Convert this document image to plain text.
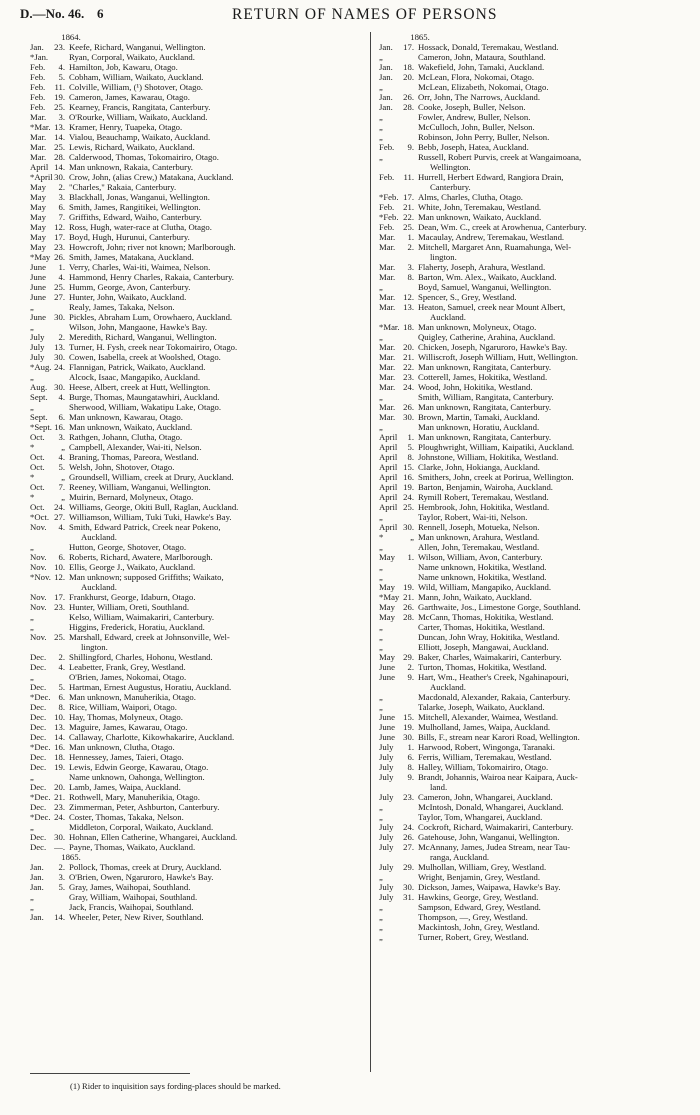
D.—No. 46. 6	RETURN OF NAMES OF PERSONS
1864.
Jan.	23. Keefe, Richard, Wanganui, Wellington.
*Jan.	Ryan, Corporal, Waikato, Auckland.
Feb.	4. Hamilton, Job, Kawaru, Otago.
Feb.	5. Cobham, William, Waikato, Auckland.
Feb.	11. Colville, William, (¹) Shotover, Otago.
Feb.	19. Cameron, James, Kawarau, Otago.
Feb.	25. Kearney, Francis, Rangitata, Canterbury.
Mar.	3. O'Rourke, William, Waikato, Auckland.
*Mar. 13. Kramer, Henry, Tuapeka, Otago.
Mar. 14. Vialou, Beauchamp, Waikato, Auckland.
Mar. 25. Lewis, Richard, Waikato, Auckland.
Mar. 28. Calderwood, Thomas, Tokomairiro, Otago.
April 14. Man unknown, Rakaia, Canterbury.
*April 30. Crow, John, (alias Crew,) Matakana, Auckland.
May	2. "Charles," Rakaia, Canterbury.
May	3. Blackhall, Jonas, Wanganui, Wellington.
May	6. Smith, James, Rangitikei, Wellington.
May	7. Griffiths, Edward, Waiho, Canterbury.
May 12. Ross, Hugh, water-race at Clutha, Otago.
May 17. Boyd, Hugh, Hurunui, Canterbury.
May 23. Howcroft, John; river not known; Marlborough.
*May 26. Smith, James, Matakana, Auckland.
June	1. Verry, Charles, Wai-iti, Waimea, Nelson.
June	4. Hammond, Henry Charles, Rakaia, Canterbury.
June 25. Humm, George, Avon, Canterbury.
June 27. Hunter, John, Waikato, Auckland.
„	Realy, James, Takaka, Nelson.
June 30. Pickles, Abraham Lum, Orowhaero, Auckland.
„	Wilson, John, Mangaone, Hawke's Bay.
July	2. Meredith, Richard, Wanganui, Wellington.
July	13. Turner, H. Fysh, creek near Tokomairiro, Otago.
July	30. Cowen, Isabella, creek at Woolshed, Otago.
*Aug. 24. Flannigan, Patrick, Waikato, Auckland.
„	Alcock, Isaac, Mangapiko, Auckland.
Aug. 30. Heese, Albert, creek at Hutt, Wellington.
Sept.	4. Burge, Thomas, Maungatawhiri, Auckland.
„	Sherwood, William, Wakatipu Lake, Otago.
Sept.	6. Man unknown, Kawarau, Otago.
*Sept. 16. Man unknown, Waikato, Auckland.
Oct.	3. Rathgen, Johann, Clutha, Otago.
*	„ Campbell, Alexander, Wai-iti, Nelson.
Oct.	4. Braning, Thomas, Pareora, Westland.
Oct.	5. Welsh, John, Shotover, Otago.
*	„ Groundsell, William, creek at Drury, Auckland.
Oct.	7. Reeney, William, Wanganui, Wellington.
*	„ Muirin, Bernard, Molyneux, Otago.
Oct.	24. Williams, George, Okiti Bull, Raglan, Auckland.
*Oct. 27. Williamson, William, Tuki Tuki, Hawke's Bay.
Nov.	4. Smith, Edward Patrick, Creek near Pokeno,
Auckland.
„	Hutton, George, Shotover, Otago.
Nov.	6. Roberts, Richard, Awatere, Marlborough.
Nov. 10. Ellis, George J., Waikato, Auckland.
*Nov. 12. Man unknown; supposed Griffiths; Waikato,
Auckland.
Nov. 17. Frankhurst, George, Idaburn, Otago.
Nov. 23. Hunter, William, Oreti, Southland.
„	Kelso, William, Waimakariri, Canterbury.
„	Higgins, Frederick, Horatiu, Auckland.
Nov. 25. Marshall, Edward, creek at Johnsonville, Wel-
lington.
Dec.	2. Shillingford, Charles, Hohonu, Westland.
Dec.	4. Leabetter, Frank, Grey, Westland.
„	O'Brien, James, Nokomai, Otago.
Dec.	5. Hartman, Ernest Augustus, Horatiu, Auckland.
*Dec. 6. Man unknown, Manuherikia, Otago.
Dec.	8. Rice, William, Waipori, Otago.
Dec. 10. Hay, Thomas, Molyneux, Otago.
Dec. 13. Maguire, James, Kawarau, Otago.
Dec. 14. Callaway, Charlotte, Kikowhakarire, Auckland.
*Dec. 16. Man unknown, Clutha, Otago.
Dec. 18. Hennessey, James, Taieri, Otago.
Dec. 19. Lewis, Edwin George, Kawarau, Otago.
„	Name unknown, Oahonga, Wellington.
Dec. 20. Lamb, James, Waipa, Auckland.
*Dec. 21. Rothwell, Mary, Manuherikia, Otago.
Dec. 23. Zimmerman, Peter, Ashburton, Canterbury.
*Dec. 24. Coster, Thomas, Takaka, Nelson.
„	Middleton, Corporal, Waikato, Auckland.
Dec. 30. Hohnan, Ellen Catherine, Whangarei, Auckland.
Dec. —. Payne, Thomas, Waikato, Auckland.
1865.
Jan.	2. Pollock, Thomas, creek at Drury, Auckland.
Jan.	3. O'Brien, Owen, Ngaruroro, Hawke's Bay.
Jan.	5. Gray, James, Waihopai, Southland.
„	Gray, William, Waihopai, Southland.
„	Jack, Francis, Waihopai, Southland.
Jan.	14. Wheeler, Peter, New River, Southland.
1865.
Jan.	17. Hossack, Donald, Teremakau, Westland.
„	Cameron, John, Mataura, Southland.
Jan.	18. Wakefield, John, Tamaki, Auckland.
Jan.	20. McLean, Flora, Nokomai, Otago.
„	McLean, Elizabeth, Nokomai, Otago.
Jan.	26. Orr, John, The Narrows, Auckland.
Jan.	28. Cooke, Joseph, Buller, Nelson.
„	Fowler, Andrew, Buller, Nelson.
„	McCulloch, John, Buller, Nelson.
„	Robinson, John Perry, Buller, Nelson.
Feb.	9. Bebb, Joseph, Hatea, Auckland.
„	Russell, Robert Purvis, creek at Wangaimoana,
Wellington.
Feb.	11. Hurrell, Herbert Edward, Rangiora Drain,
Canterbury.
*Feb. 17. Alms, Charles, Clutha, Otago.
Feb.	21. White, John, Teremakau, Westland.
*Feb. 22. Man unknown, Waikato, Auckland.
Feb.	25. Dean, Wm. C., creek at Arowhenua, Canterbury.
Mar.	1. Macaulay, Andrew, Teremakau, Westland.
Mar.	2. Mitchell, Margaret Ann, Ruamahunga, Wel-
lington.
Mar.	3. Flaherty, Joseph, Arahura, Westland.
Mar.	8. Barton, Wm. Alex., Waikato, Auckland.
„	Boyd, Samuel, Wanganui, Wellington.
Mar. 12. Spencer, S., Grey, Westland.
Mar. 13. Heaton, Samuel, creek near Mount Albert,
Auckland.
*Mar. 18. Man unknown, Molyneux, Otago.
„	Quigley, Catherine, Arahina, Auckland.
Mar. 20. Chicken, Joseph, Ngaruroro, Hawke's Bay.
Mar. 21. Williscroft, Joseph William, Hutt, Wellington.
Mar. 22. Man unknown, Rangitata, Canterbury.
Mar. 23. Cotterell, James, Hokitika, Westland.
Mar. 24. Wood, John, Hokitika, Westland.
„	Smith, William, Rangitata, Canterbury.
Mar. 26. Man unknown, Rangitata, Canterbury.
Mar. 30. Brown, Martin, Tamaki, Auckland.
„	Man unknown, Horatiu, Auckland.
April	1. Man unknown, Rangitata, Canterbury.
April	5. Ploughwright, William, Kaipatiki, Auckland.
April	8. Johnstone, William, Hokitika, Westland.
April 15. Clarke, John, Hokianga, Auckland.
April 16. Smithers, John, creek at Porirua, Wellington.
April 19. Barton, Benjamin, Wairoha, Auckland.
April 24. Rymill Robert, Teremakau, Westland.
April 25. Hembrook, John, Hokitika, Westland.
„	Taylor, Robert, Wai-iti, Nelson.
April 30. Rennell, Joseph, Motueka, Nelson.
*	„ Man unknown, Arahura, Westland.
„	Allen, John, Teremakau, Westland.
May	1. Wilson, William, Avon, Canterbury.
„	Name unknown, Hokitika, Westland.
„	Name unknown, Hokitika, Westland.
May 19. Wild, William, Mangapiko, Auckland.
*May 21. Mann, John, Waikato, Auckland.
May 26. Garthwaite, Jos., Limestone Gorge, Southland.
May 28. McCann, Thomas, Hokitika, Westland.
„	Carter, Thomas, Hokitika, Westland.
„	Duncan, John Wray, Hokitika, Westland.
„	Elliott, Joseph, Mangawai, Auckland.
May 29. Baker, Charles, Waimakariri, Canterbury.
June	2. Turton, Thomas, Hokitika, Westland.
June	9. Hart, Wm., Heather's Creek, Ngahinapouri,
Auckland.
„	Macdonald, Alexander, Rakaia, Canterbury.
„	Talarke, Joseph, Waikato, Auckland.
June 15. Mitchell, Alexander, Waimea, Westland.
June 19. Mulholland, James, Waipa, Auckland.
June 30. Bills, F., stream near Karori Road, Wellington.
July	1. Harwood, Robert, Wingonga, Taranaki.
July	6. Ferris, William, Teremakau, Westland.
July	8. Halley, William, Tokomairiro, Otago.
July	9. Brandt, Johannis, Wairoa near Kaipara, Auck-
land.
July	23. Cameron, John, Whangarei, Auckland.
„	McIntosh, Donald, Whangarei, Auckland.
„	Taylor, Tom, Whangarei, Auckland.
July	24. Cockroft, Richard, Waimakariri, Canterbury.
July	26. Gatehouse, John, Wanganui, Wellington.
July	27. McAnnany, James, Judea Stream, near Tau-
ranga, Auckland.
July	29. Mulhollan, William, Grey, Westland.
„	Wright, Benjamin, Grey, Westland.
July	30. Dickson, James, Waipawa, Hawke's Bay.
July	31. Hawkins, George, Grey, Westland.
„	Sampson, Edward, Grey, Westland.
„	Thompson, —, Grey, Westland.
„	Mackintosh, John, Grey, Westland.
„	Turner, Robert, Grey, Westland.
(1) Rider to inquisition says fording-places should be marked.
